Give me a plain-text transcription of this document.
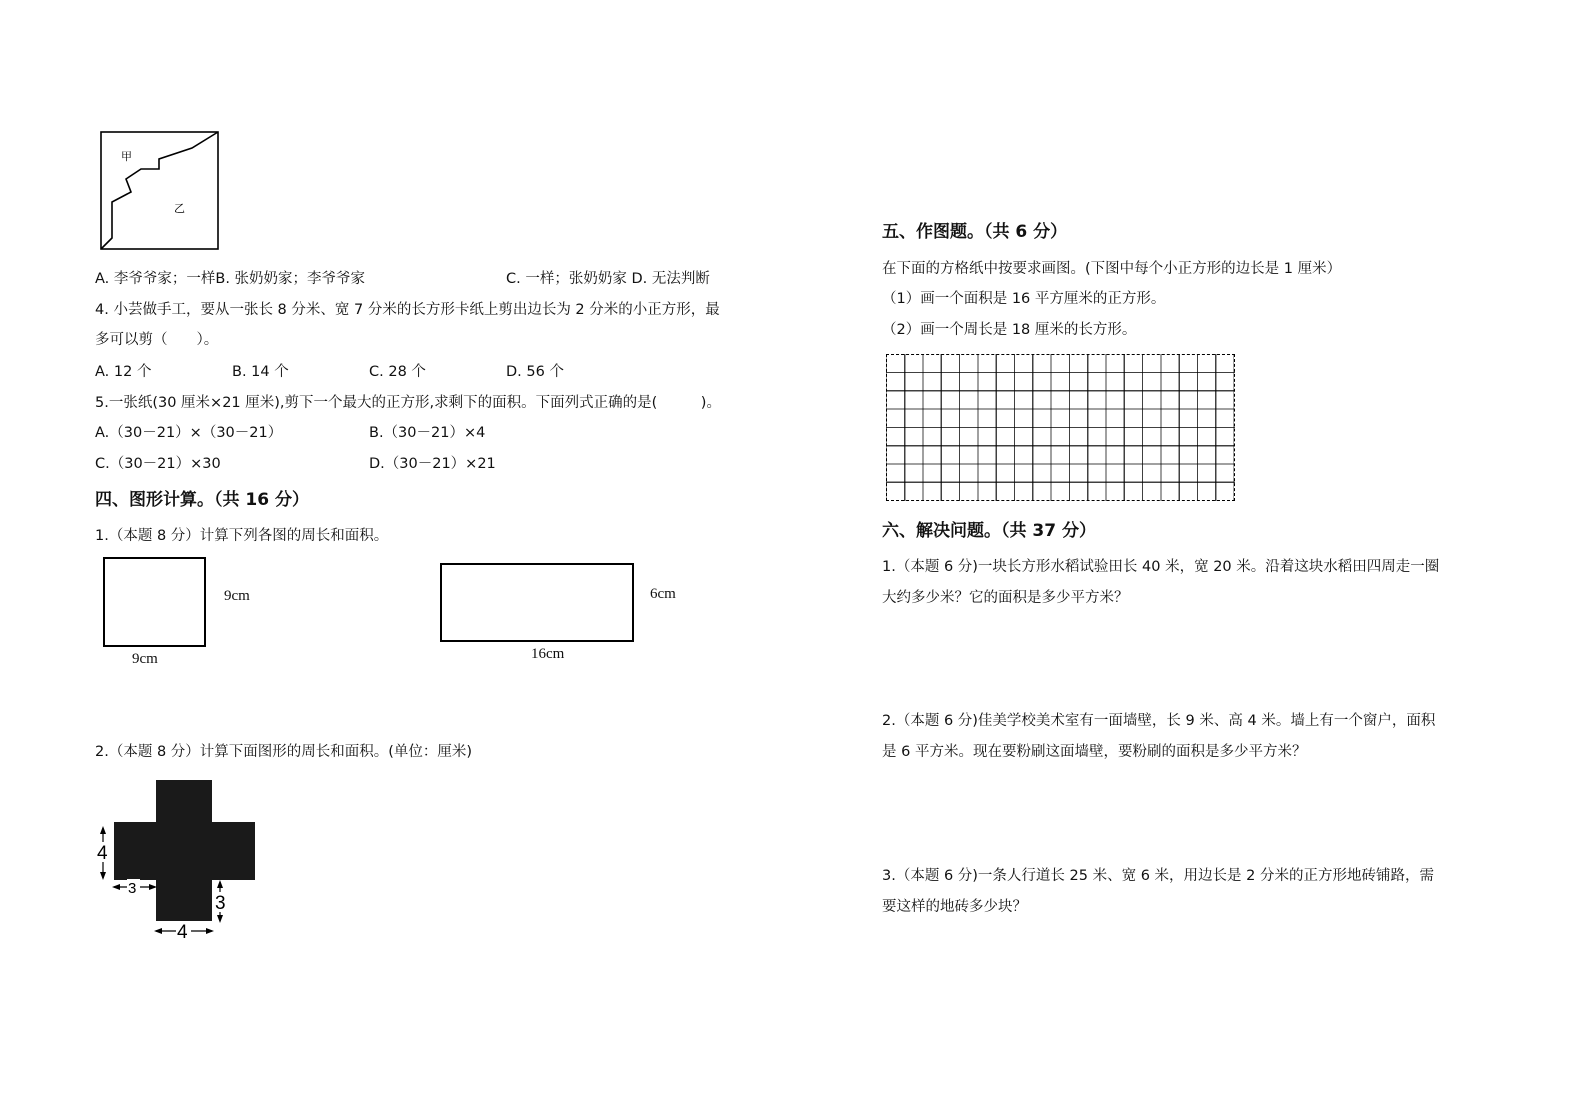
甲
乙
A. 李爷爷家；一样B. 张奶奶家；李爷爷家	C. 一样；张奶奶家 D. 无法判断
4. 小芸做手工，要从一张长 8 分米、宽 7 分米的长方形卡纸上剪出边长为 2 分米的小正方形，最
多可以剪（　　）。
A. 12 个	B. 14 个	C. 28 个	D. 56 个
5.一张纸(30 厘米×21 厘米),剪下一个最大的正方形,求剩下的面积。下面列式正确的是(　　　)。
A.（30－21）×（30－21）	B.（30－21）×4
C.（30－21）×30	D.（30－21）×21
四、图形计算。（共 16 分）
1.（本题 8 分）计算下列各图的周长和面积。
9cm
9cm
6cm
16cm
2.（本题 8 分）计算下面图形的周长和面积。(单位：厘米)
4
3
3
4
五、作图题。（共 6 分）
在下面的方格纸中按要求画图。(下图中每个小正方形的边长是 1 厘米）
（1）画一个面积是 16 平方厘米的正方形。
（2）画一个周长是 18 厘米的长方形。
六、解决问题。（共 37 分）
1.（本题 6 分)一块长方形水稻试验田长 40 米，宽 20 米。沿着这块水稻田四周走一圈
大约多少米？它的面积是多少平方米？
2.（本题 6 分)佳美学校美术室有一面墙壁，长 9 米、高 4 米。墙上有一个窗户，面积
是 6 平方米。现在要粉刷这面墙壁，要粉刷的面积是多少平方米？
3.（本题 6 分)一条人行道长 25 米、宽 6 米，用边长是 2 分米的正方形地砖铺路，需
要这样的地砖多少块？
